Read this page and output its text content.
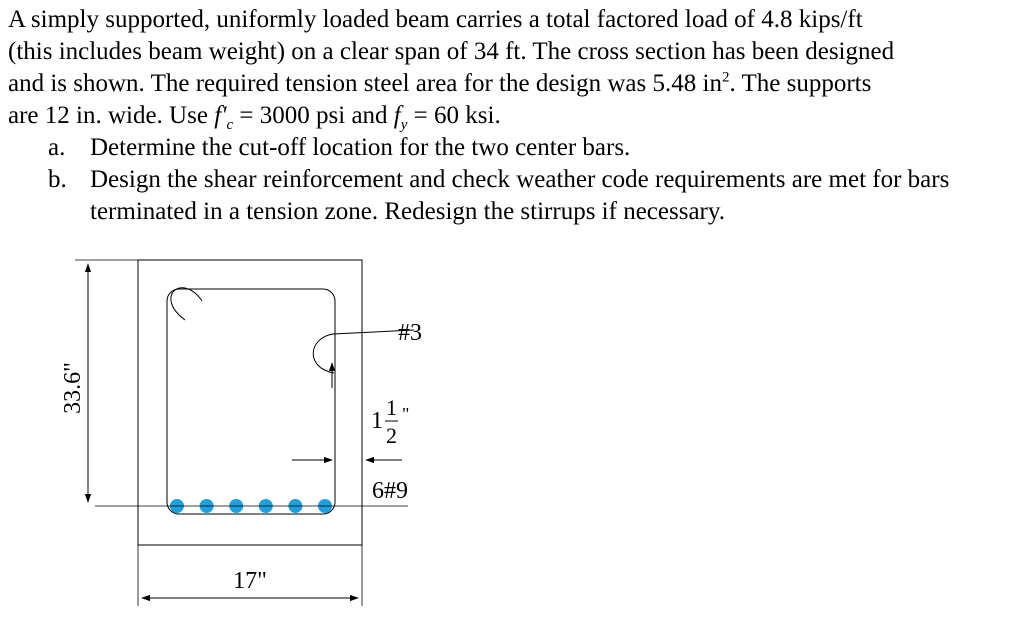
A simply supported, uniformly loaded beam carries a total factored load of 4.8 kips/ft
(this includes beam weight) on a clear span of 34 ft. The cross section has been designed
and is shown. The required tension steel area for the design was 5.48 $in^2$. The supports
are 12 in. wide. Use $f'_c = 3000$ psi and $f_y = 60$ ksi.

a. Determine the cut-off location for the two center bars.
b. Design the shear reinforcement and check weather code requirements are met for bars terminated in a tension zone. Redesign the stirrups if necessary.
#3
33.6"
1
1
2
"
6#9
17"
